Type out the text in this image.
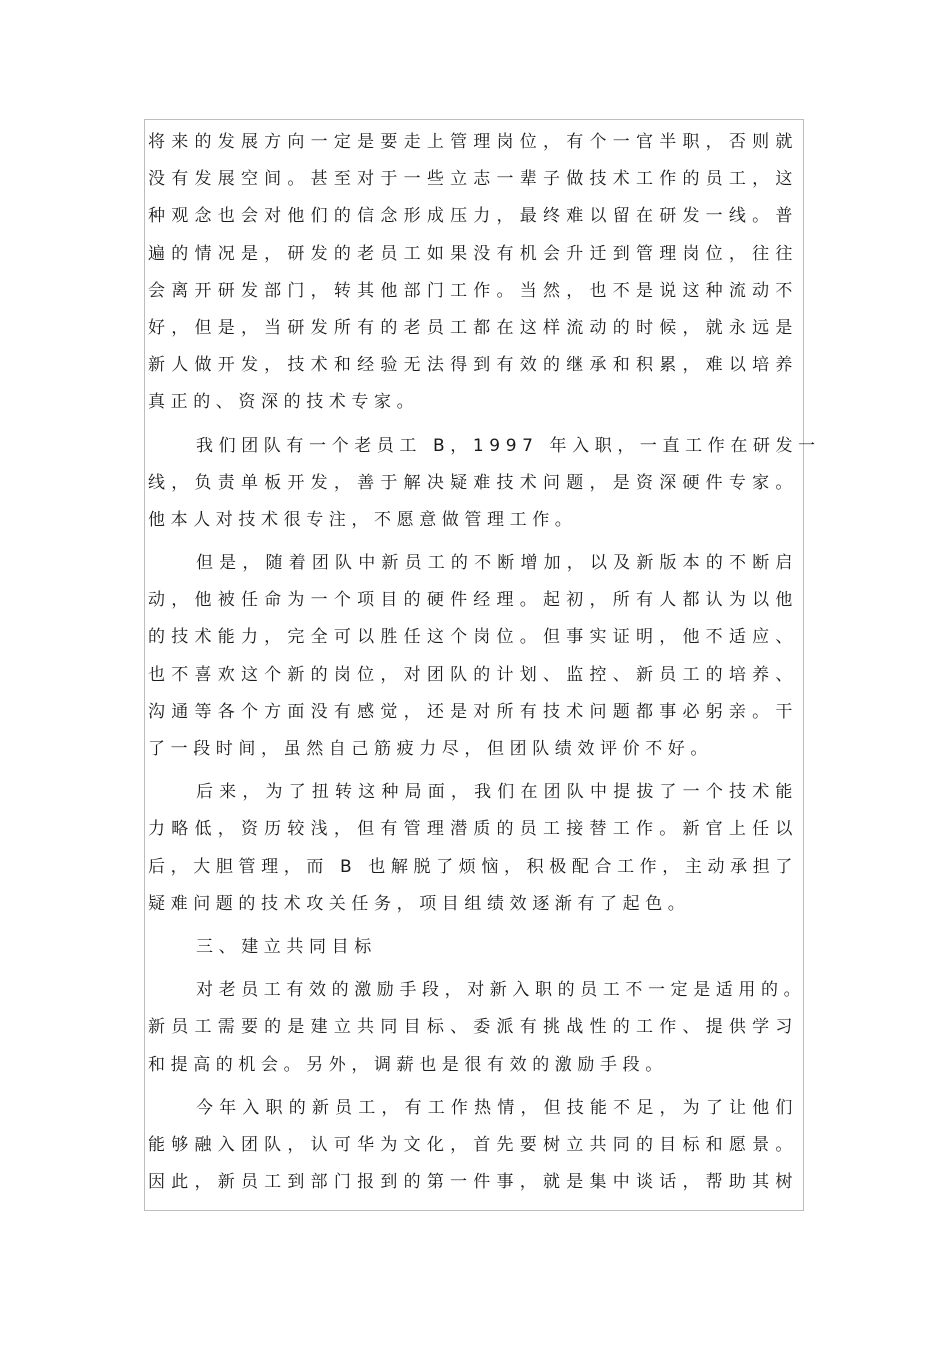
将来的发展方向一定是要走上管理岗位，有个一官半职，否则就
没有发展空间。甚至对于一些立志一辈子做技术工作的员工，这
种观念也会对他们的信念形成压力，最终难以留在研发一线。普
遍的情况是，研发的老员工如果没有机会升迁到管理岗位，往往
会离开研发部门，转其他部门工作。当然，也不是说这种流动不
好，但是，当研发所有的老员工都在这样流动的时候，就永远是
新人做开发，技术和经验无法得到有效的继承和积累，难以培养
真正的、资深的技术专家。
我们团队有一个老员工 B，1997 年入职，一直工作在研发一
线，负责单板开发，善于解决疑难技术问题，是资深硬件专家。
他本人对技术很专注，不愿意做管理工作。
但是，随着团队中新员工的不断增加，以及新版本的不断启
动，他被任命为一个项目的硬件经理。起初，所有人都认为以他
的技术能力，完全可以胜任这个岗位。但事实证明，他不适应、
也不喜欢这个新的岗位，对团队的计划、监控、新员工的培养、
沟通等各个方面没有感觉，还是对所有技术问题都事必躬亲。干
了一段时间，虽然自己筋疲力尽，但团队绩效评价不好。
后来，为了扭转这种局面，我们在团队中提拔了一个技术能
力略低，资历较浅，但有管理潜质的员工接替工作。新官上任以
后，大胆管理，而 B 也解脱了烦恼，积极配合工作，主动承担了
疑难问题的技术攻关任务，项目组绩效逐渐有了起色。
三、建立共同目标
对老员工有效的激励手段，对新入职的员工不一定是适用的。
新员工需要的是建立共同目标、委派有挑战性的工作、提供学习
和提高的机会。另外，调薪也是很有效的激励手段。
今年入职的新员工，有工作热情，但技能不足，为了让他们
能够融入团队，认可华为文化，首先要树立共同的目标和愿景。
因此，新员工到部门报到的第一件事，就是集中谈话，帮助其树
